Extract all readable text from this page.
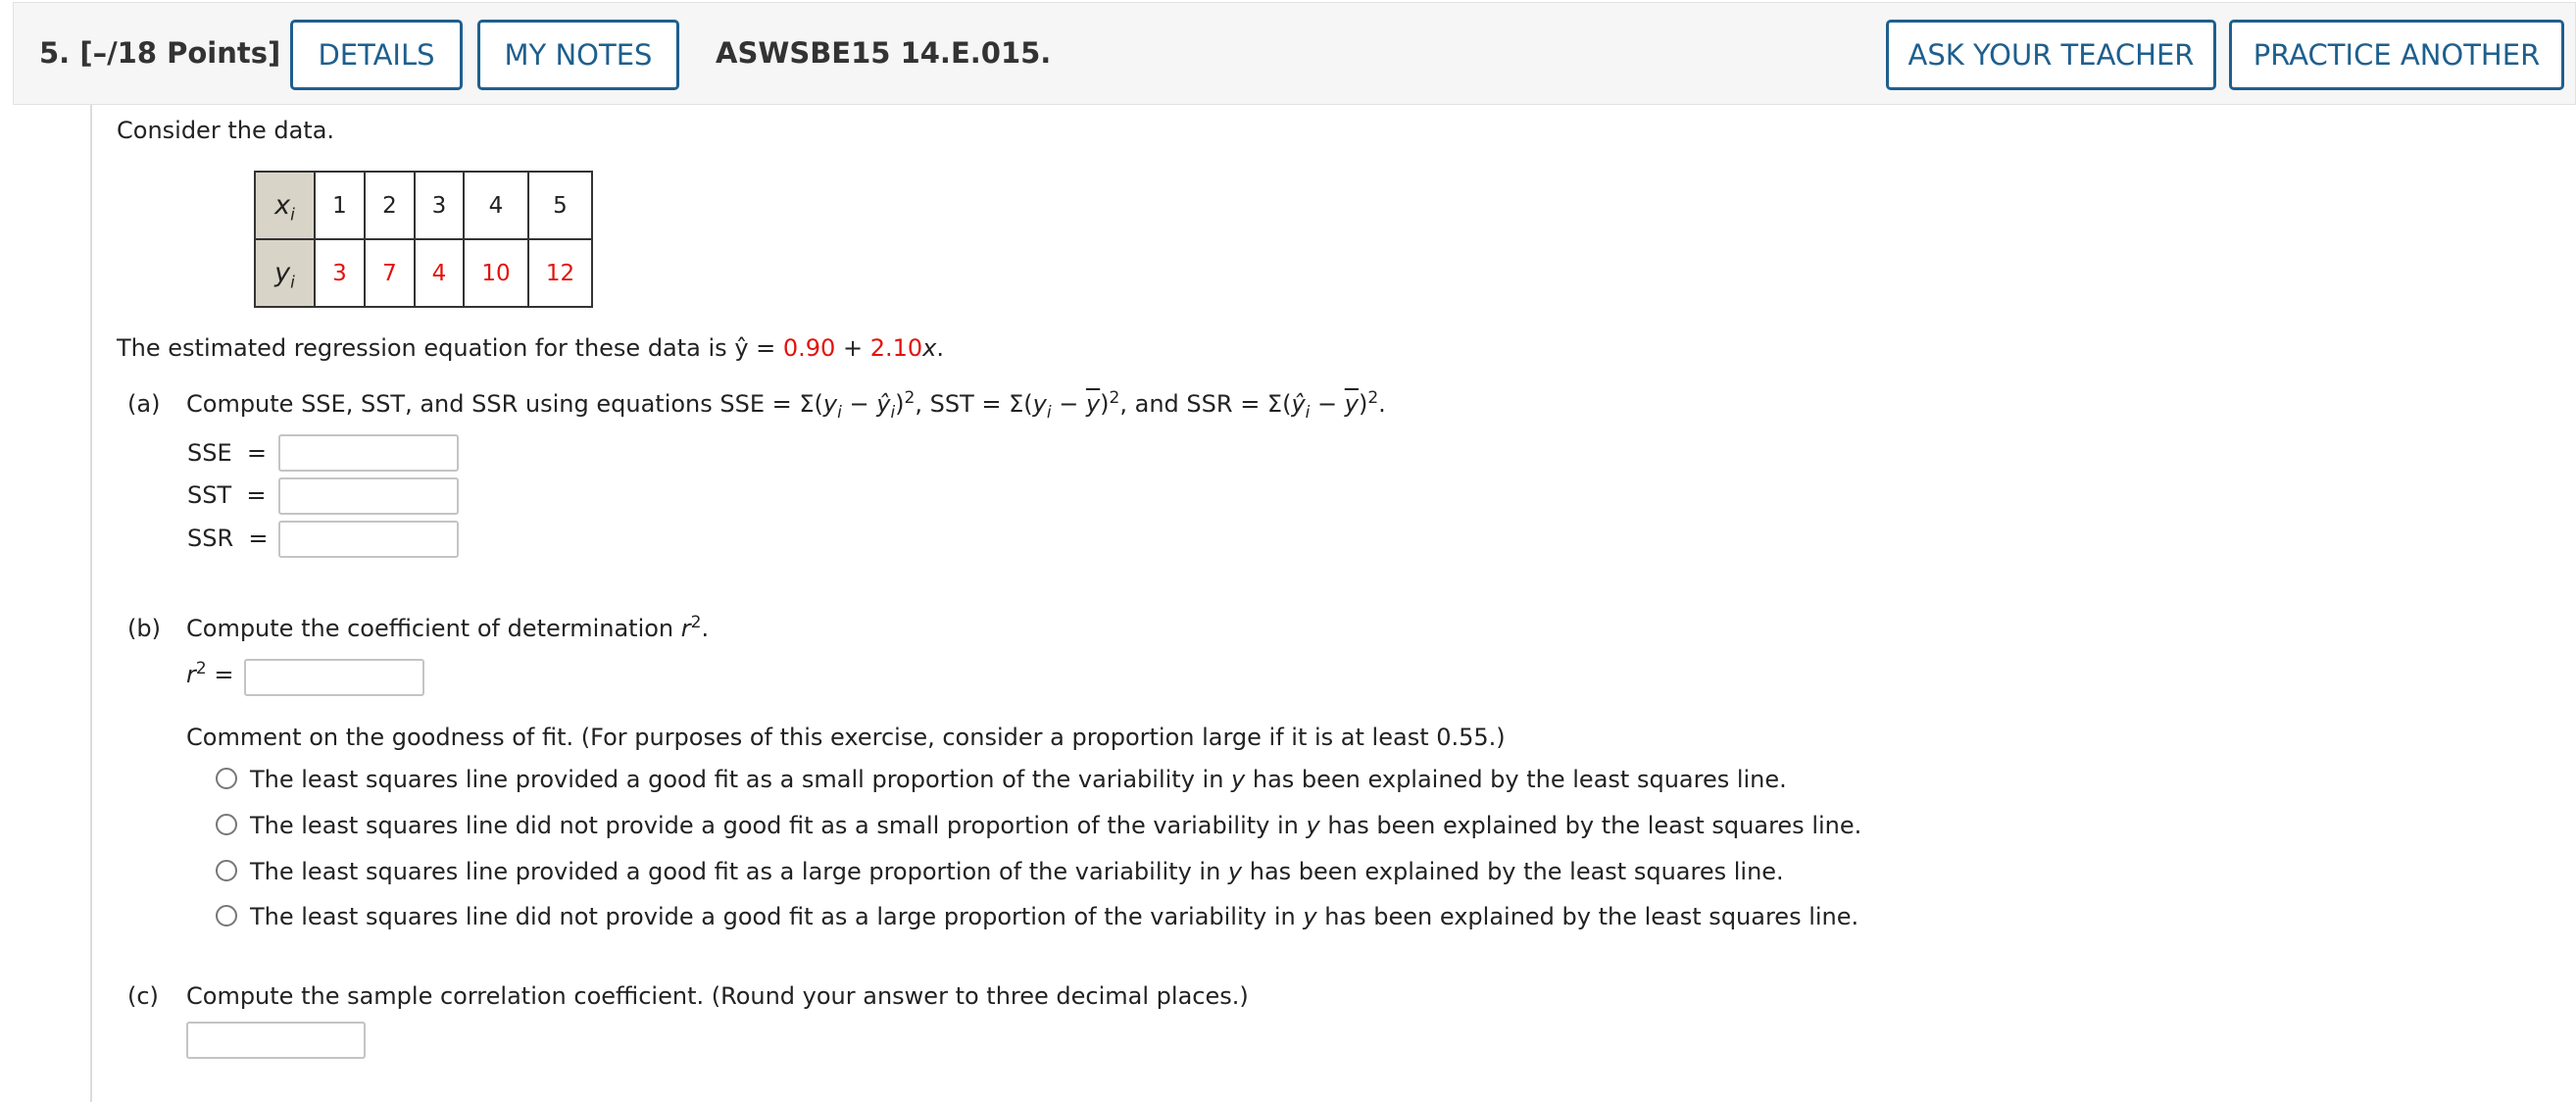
5. [–/18 Points]	DETAILS	MY NOTES	ASWSBE15 14.E.015.	ASK YOUR TEACHER	PRACTICE ANOTHER
Consider the data.
$x_i$	1	2	3	4	5
$y_i$	3	7	4	10	12
The estimated regression equation for these data is ŷ = 0.90 + 2.10x.
(a) Compute SSE, SST, and SSR using equations SSE = $\Sigma(y_i$ − $ŷ_i)^2$, SST = $\Sigma(y_i - \overline{y})^2$, and SSR = $\Sigma(ŷ_i - \overline{y})^2$.
SSE  =
SST  =
SSR  =
(b) Compute the coefficient of determination $r^2$.
$r^2$ =
Comment on the goodness of fit. (For purposes of this exercise, consider a proportion large if it is at least 0.55.)
The least squares line provided a good fit as a small proportion of the variability in y has been explained by the least squares line.
The least squares line did not provide a good fit as a small proportion of the variability in y has been explained by the least squares line.
The least squares line provided a good fit as a large proportion of the variability in y has been explained by the least squares line.
The least squares line did not provide a good fit as a large proportion of the variability in y has been explained by the least squares line.
(c) Compute the sample correlation coefficient. (Round your answer to three decimal places.)
